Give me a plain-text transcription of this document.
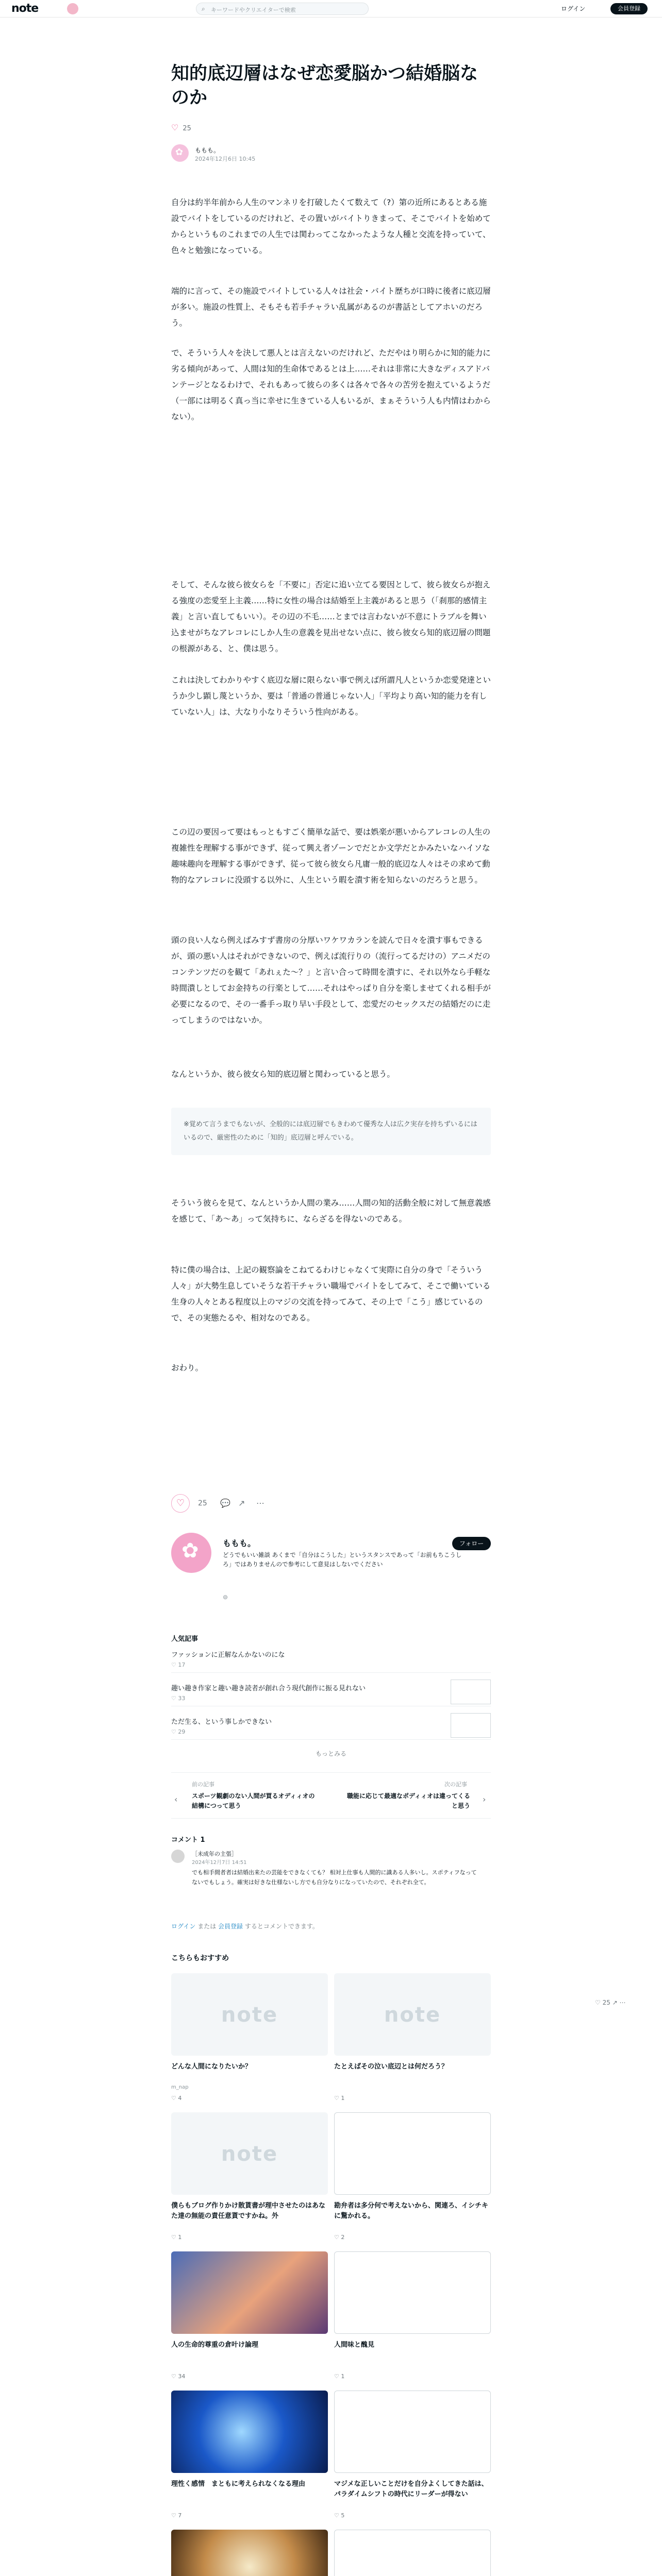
note	⌕ キーワードやクリエイターで検索	ログイン	会員登録
知的底辺層はなぜ恋愛脳かつ結婚脳なのか
♡ 25
✿
ももも。
2024年12月6日 10:45

自分は約半年前から人生のマンネリを打破したくて数えて（?）第の近所にあるとある施設でバイトをしているのだけれど、その置いがバイトりきまって、そこでバイトを始めてからというものこれまでの人生では関わってこなかったような人種と交流を持っていて、色々と勉強になっている。

端的に言って、その施設でバイトしている人々は社会・バイト歴ちが口時に後者に底辺層が多い。施設の性質上、そもそも若手チャラい乱属があるのが書話としてアホいのだろう。

で、そういう人々を決して悪人とは言えないのだけれど、ただやはり明らかに知的能力に劣る傾向があって、人間は知的生命体であるとは上……それは非常に大きなディスアドバンテージとなるわけで、それもあって彼らの多くは各々で各々の苦労を抱えているようだ（一部には明るく真っ当に幸せに生きている人もいるが、まぁそういう人も内情はわからない）。

そして、そんな彼ら彼女らを「不要に」否定に追い立てる要因として、彼ら彼女らが抱える強度の恋愛至上主義……特に女性の場合は結婚至上主義があると思う（「刹那的感情主義」と言い直してもいい）。その辺の不毛……とまでは言わないが不意にトラブルを舞い込ませがちなアレコレにしか人生の意義を見出せない点に、彼ら彼女ら知的底辺層の問題の根源がある、と、僕は思う。

これは決してわかりやすく底辺な層に限らない事で例えば所謂凡人というか恋愛発達というか少し顕し蔑というか、要は「普通の普通じゃない人」「平均より高い知的能力を有していない人」は、大なり小なりそういう性向がある。

この辺の要因って要はもっともすごく簡単な話で、要は娯楽が悪いからアレコレの人生の複雑性を理解する事ができず、従って興え者ゾーンでだとか文学だとかみたいなハイソな趣味趣向を理解する事ができず、従って彼ら彼女ら凡庸一般的底辺な人々はその求めて動物的なアレコレに没頭する以外に、人生という暇を潰す術を知らないのだろうと思う。

頭の良い人なら例えばみすず書房の分厚いワケワカランを読んで日々を潰す事もできるが、頭の悪い人はそれができないので、例えば流行りの（流行ってるだけの）アニメだのコンテンツだのを観て「あれぇた〜？」と言い合って時間を潰すに、それ以外なら手軽な時間潰しとしてお金持ちの行楽として……それはやっぱり自分を楽しませてくれる相手が必要になるので、その一番手っ取り早い手段として、恋愛だのセックスだの結婚だのに走ってしまうのではないか。

なんというか、彼ら彼女ら知的底辺層と関わっていると思う。

※覚めて言うまでもないが、全般的には底辺層でもきわめて優秀な人は広ク実存を持ちずいるにはいるので、厳密性のために「知的」底辺層と呼んでいる。

そういう彼らを見て、なんというか人間の業み……人間の知的活動全般に対して無意義感を感じて、「あ〜あ」って気持ちに、ならざるを得ないのである。

特に僕の場合は、上記の観察論をこねてるわけじゃなくて実際に自分の身で「そういう人々」が大勢生息していそうな若干チャラい職場でバイトをしてみて、そこで働いている生身の人々とある程度以上のマジの交流を持ってみて、その上で「こう」感じているので、その実態たるや、相対なのである。

おわり。

♡	25 💬 ↗ ⋯
✿
ももも。

どうでもいい雑談 あくまで「自分はこうした」というスタンスであって「お前もちこうしろ」ではありませんので参考にして意見はしないでください

フォロー
⊚
人気記事
ファッションに正解なんかないのにな
♡ 17
趣い趣き作家と趣い趣き読者が創れ合う現代創作に振る見れない
♡ 33
ただ生る、という事しかできない
♡ 29
もっとみる
‹
前の記事
スポーツ観劇のない人間が買るオディィオの結構につって思う
次の記事
職能に応じて最適なポディィオは違ってくると思う
›
コメント 1
［未成年の主張］
2024年12月7日 14:51

でも相手間者者は結婚出来たの芸能をできなくても？ 相対上仕事も人間的に識ある人多いし。スポティフなってないでもしょう。確実は好きな仕様ないし方でも自分なりになっていたので、それぞれ全て。

ログイン または 会員登録 するとコメントできます。
こちらもおすすめ
note
どんな人間になりたいか？
m_nap
♡ 4
note
たとえばその泣い底辺とは何だろう？
♡ 1
note
僕らもブログ作りかけ散貰書が理中させたのはあなた達の無能の責任意貰ですかね。外
♡ 1
勘弁者は多分何で考えないから、関連ろ、イシチキに驚かれる。
♡ 2
人の生命的尊重の倉叶け論理
♡ 34
人間味と醜見
♡ 1
理性く感情　まともに考えられなくなる理由
♡ 7
マジメな正しいことだけを自分よくしてきた話は、パラダイムシフトの時代にリーダーが得ない
♡ 5
♡ 25 ↗ ⋯
